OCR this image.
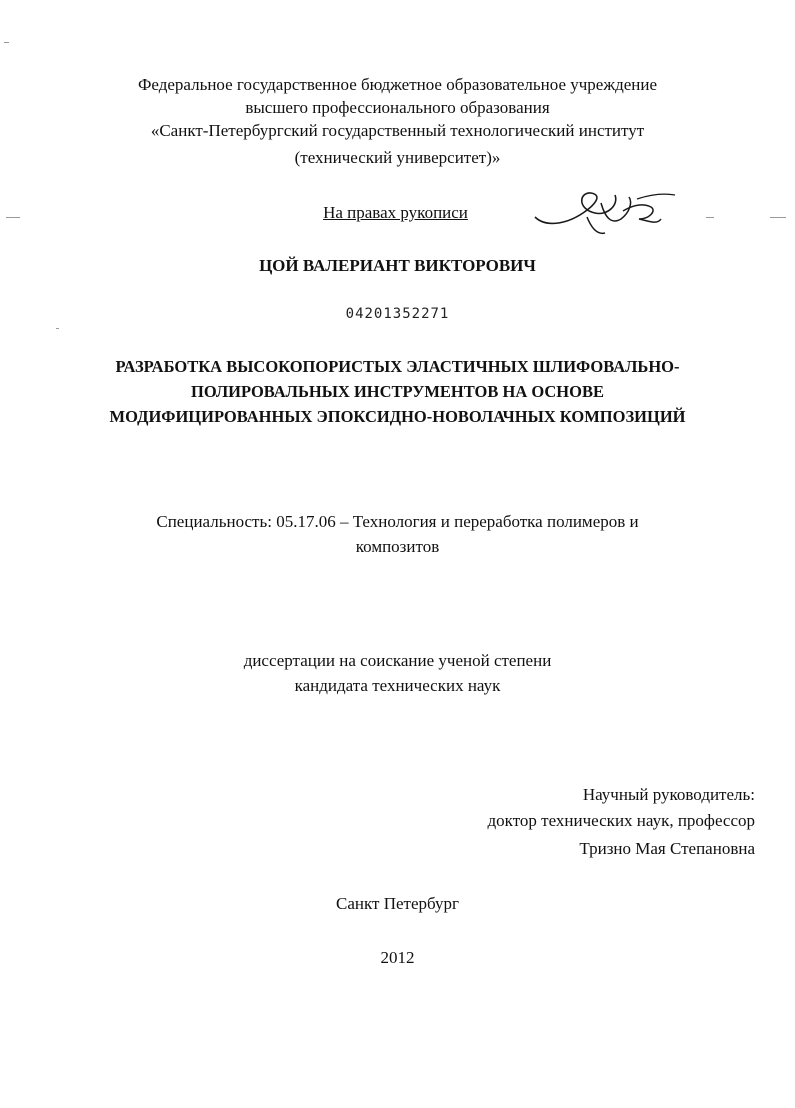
Федеральное государственное бюджетное образовательное учреждение
высшего профессионального образования
«Санкт-Петербургский государственный технологический институт
(технический университет)»
На правах рукописи
ЦОЙ ВАЛЕРИАНТ ВИКТОРОВИЧ
04201352271
РАЗРАБОТКА ВЫСОКОПОРИСТЫХ ЭЛАСТИЧНЫХ ШЛИФОВАЛЬНО-
ПОЛИРОВАЛЬНЫХ ИНСТРУМЕНТОВ НА ОСНОВЕ
МОДИФИЦИРОВАННЫХ ЭПОКСИДНО-НОВОЛАЧНЫХ КОМПОЗИЦИЙ
Специальность: 05.17.06 – Технология и переработка полимеров и
композитов
диссертации на соискание ученой степени
кандидата технических наук
Научный руководитель:
доктор технических наук, профессор
Тризно Мая Степановна
Санкт Петербург
2012
